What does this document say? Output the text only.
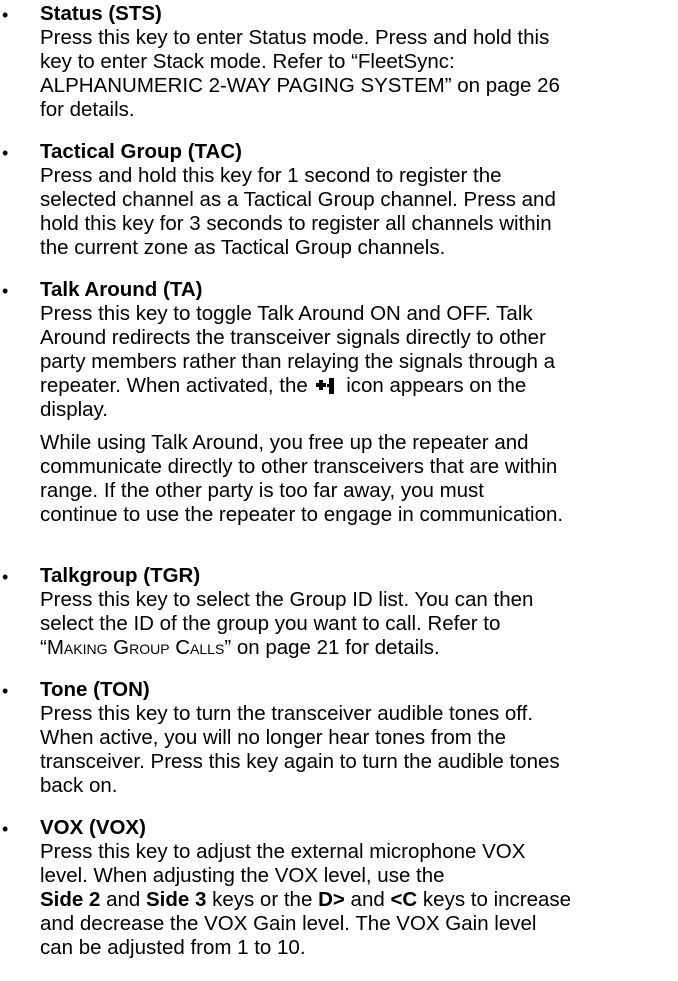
• Status (STS)
Press this key to enter Status mode. Press and hold this
key to enter Stack mode. Refer to “FleetSync:
ALPHANUMERIC 2-WAY PAGING SYSTEM” on page 26
for details.
• Tactical Group (TAC)
Press and hold this key for 1 second to register the
selected channel as a Tactical Group channel. Press and
hold this key for 3 seconds to register all channels within
the current zone as Tactical Group channels.
• Talk Around (TA)
Press this key to toggle Talk Around ON and OFF. Talk
Around redirects the transceiver signals directly to other
party members rather than relaying the signals through a
repeater. When activated, the
icon appears on the
display.
While using Talk Around, you free up the repeater and
communicate directly to other transceivers that are within
range. If the other party is too far away, you must
continue to use the repeater to engage in communication.
• Talkgroup (TGR)
Press this key to select the Group ID list. You can then
select the ID of the group you want to call. Refer to
“Making Group Calls” on page 21 for details.
• Tone (TON)
Press this key to turn the transceiver audible tones off.
When active, you will no longer hear tones from the
transceiver. Press this key again to turn the audible tones
back on.
• VOX (VOX)
Press this key to adjust the external microphone VOX
level. When adjusting the VOX level, use the
Side 2 and Side 3 keys or the D> and <C keys to increase
and decrease the VOX Gain level. The VOX Gain level
can be adjusted from 1 to 10.
